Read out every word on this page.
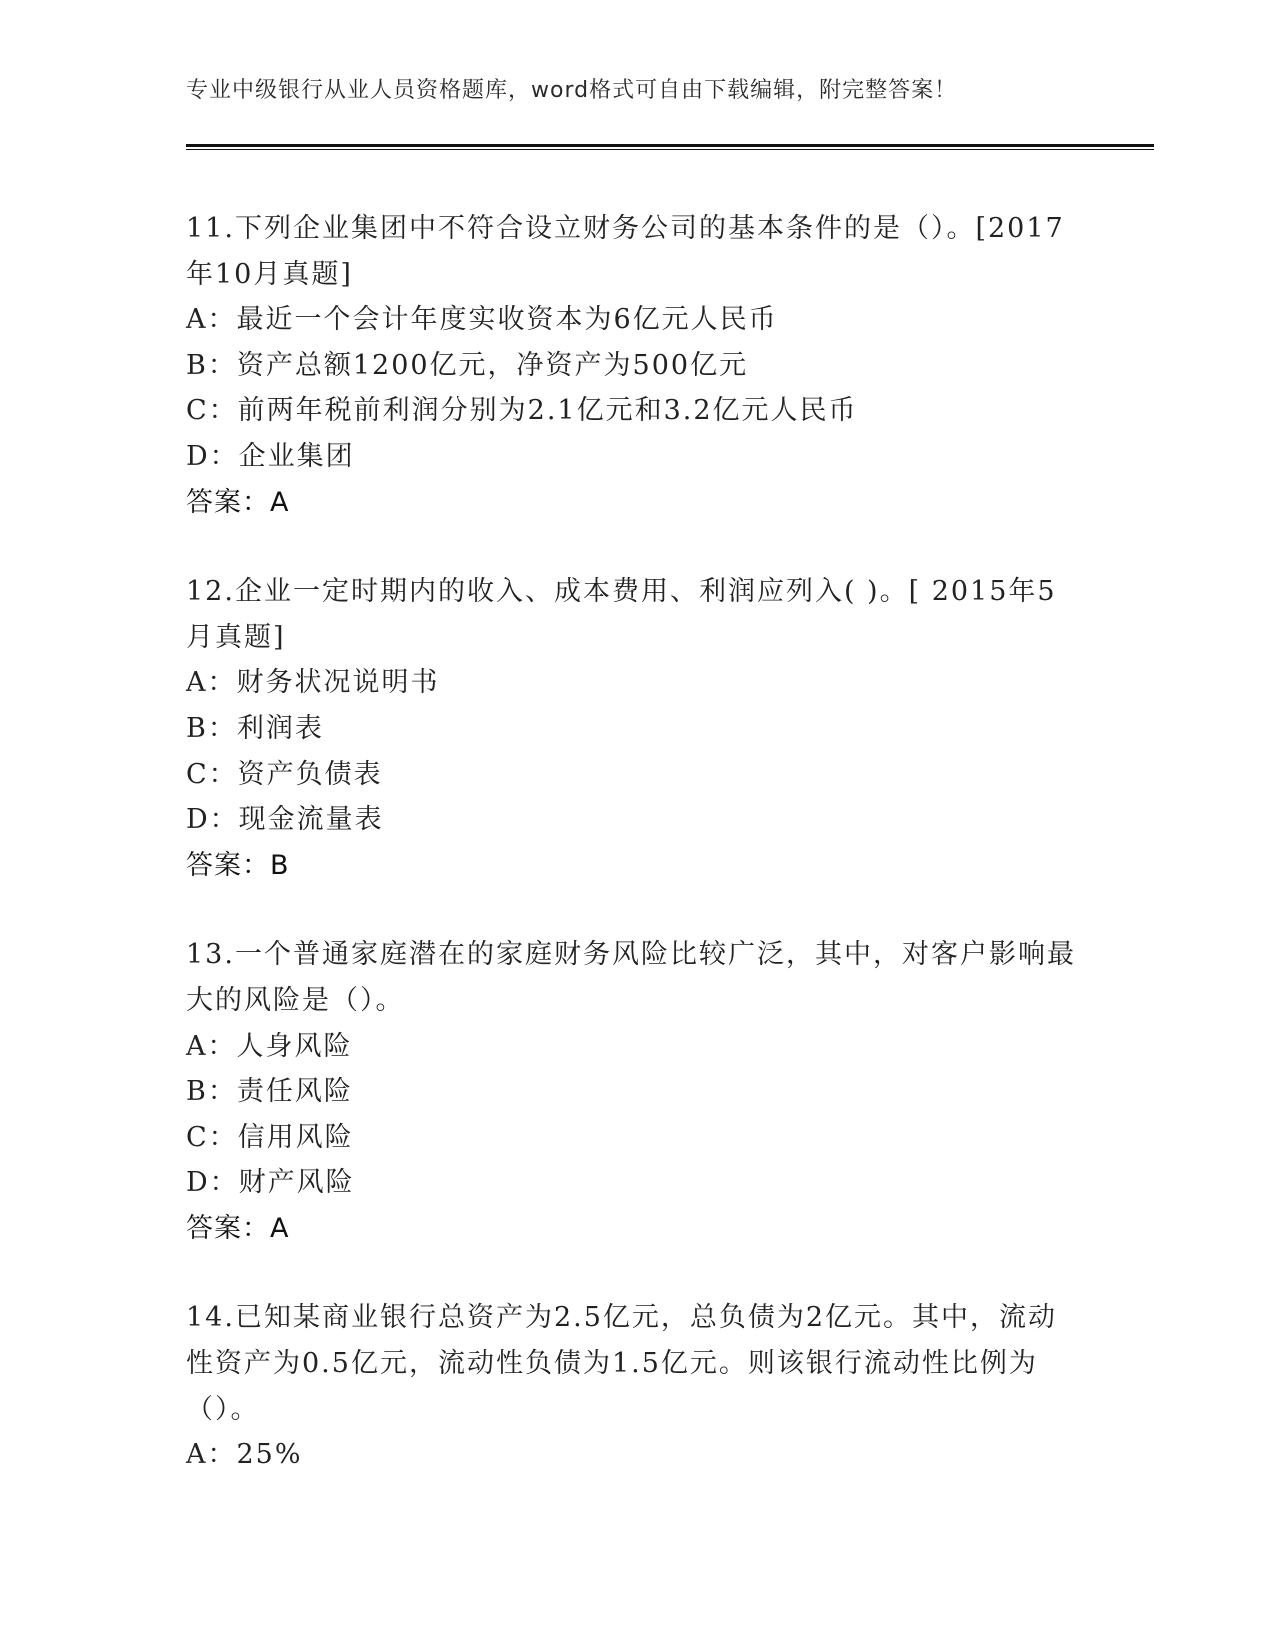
专业中级银行从业人员资格题库，word格式可自由下载编辑，附完整答案！
11.下列企业集团中不符合设立财务公司的基本条件的是（）。[2017
年10月真题]
A：最近一个会计年度实收资本为6亿元人民币
B：资产总额1200亿元，净资产为500亿元
C：前两年税前利润分别为2.1亿元和3.2亿元人民币
D：企业集团
答案：A
12.企业一定时期内的收入、成本费用、利润应列入( )。[ 2015年5
月真题]
A：财务状况说明书
B：利润表
C：资产负债表
D：现金流量表
答案：B
13.一个普通家庭潜在的家庭财务风险比较广泛，其中，对客户影响最
大的风险是（）。
A：人身风险
B：责任风险
C：信用风险
D：财产风险
答案：A
14.已知某商业银行总资产为2.5亿元，总负债为2亿元。其中，流动
性资产为0.5亿元，流动性负债为1.5亿元。则该银行流动性比例为
（）。
A：25%
